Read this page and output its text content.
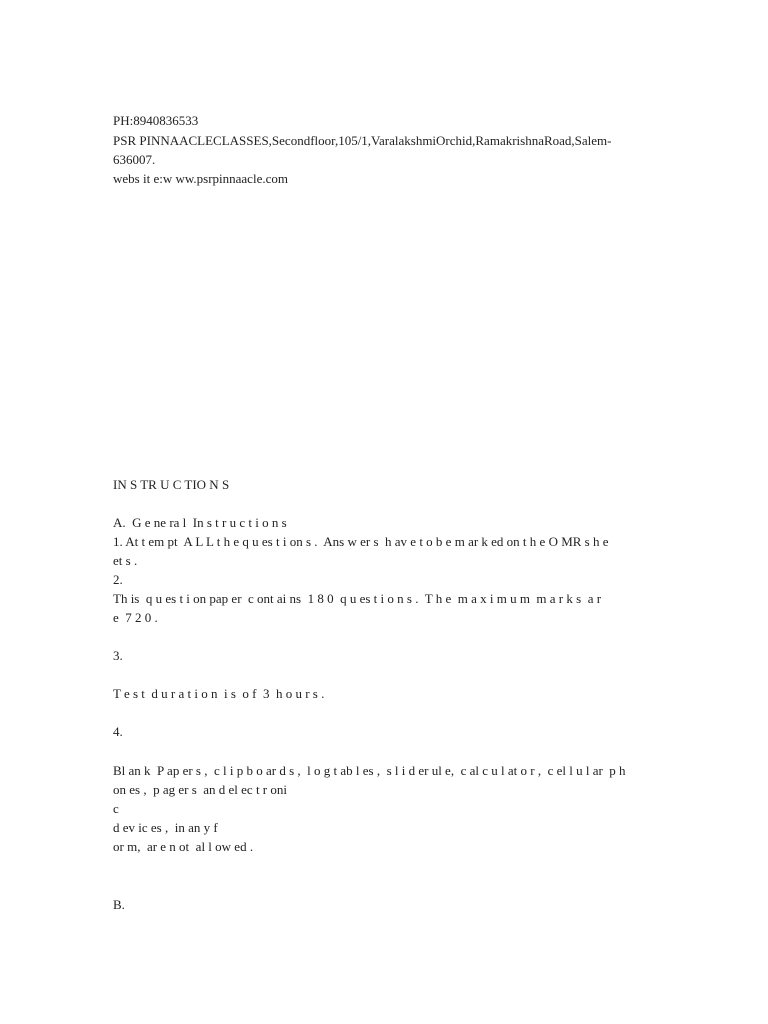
PH:8940836533
PSR PINNAACLECLASSES,Secondfloor,105/1,VaralakshmiOrchid,RamakrishnaRoad,Salem-
636007.
webs it e:w ww.psrpinnaacle.com
IN S TR U C TIO N S
A.  G e ne ra l  In s t r u c t i o n s
1. At t em pt  A L L t h e q u es t i on s .  Ans w er s  h av e t o b e m ar k ed on t h e O MR s h e
et s .
2.
Th is  q u es t i on pap er  c ont ai ns  1 8 0  q u es t i o n s .  T h e  m a x i m u m  m a r k s  a r
e  7 2 0 .
3.
T e s t  d u r a t i o n  i s  o f  3  h o u r s .
4.
Bl an k  P ap er s ,  c l i p b o ar d s ,  l o g t ab l es ,  s l i d er ul e,  c al c u l at o r ,  c el l u l ar  p h
on es ,  p ag er s  an d el ec t r oni
c
d ev ic es ,  in an y f
or m,  ar e n ot  al l ow ed .
B.
